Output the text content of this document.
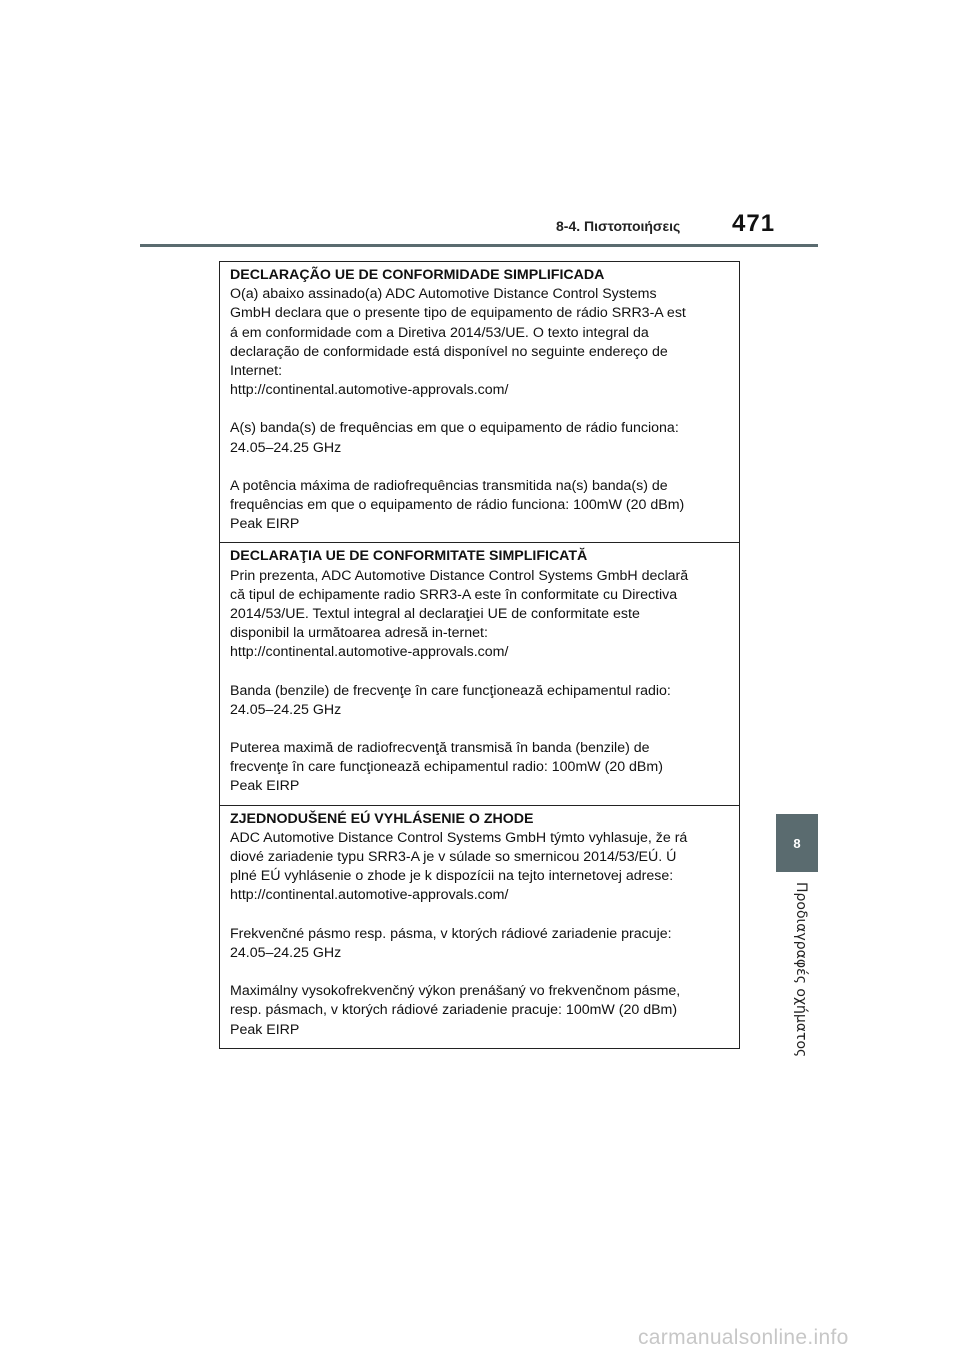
8-4. Πιστοποιήσεις 471
8
Προδιαγραφές οχήματος
DECLARAÇÃO UE DE CONFORMIDADE SIMPLIFICADA
O(a) abaixo assinado(a) ADC Automotive Distance Control Systems
GmbH declara que o presente tipo de equipamento de rádio SRR3-A est
á em conformidade com a Diretiva 2014/53/UE. O texto integral da
declaração de conformidade está disponível no seguinte endereço de
Internet:
http://continental.automotive-approvals.com/
A(s) banda(s) de frequências em que o equipamento de rádio funciona:
24.05–24.25 GHz
A potência máxima de radiofrequências transmitida na(s) banda(s) de
frequências em que o equipamento de rádio funciona: 100mW (20 dBm)
Peak EIRP
DECLARAŢIA UE DE CONFORMITATE SIMPLIFICATĂ
Prin prezenta, ADC Automotive Distance Control Systems GmbH declară
că tipul de echipamente radio SRR3-A este în conformitate cu Directiva
2014/53/UE. Textul integral al declaraţiei UE de conformitate este
disponibil la următoarea adresă in-ternet:
http://continental.automotive-approvals.com/
Banda (benzile) de frecvenţe în care funcţionează echipamentul radio:
24.05–24.25 GHz
Puterea maximă de radiofrecvenţă transmisă în banda (benzile) de
frecvenţe în care funcţionează echipamentul radio: 100mW (20 dBm)
Peak EIRP
ZJEDNODUŠENÉ EÚ VYHLÁSENIE O ZHODE
ADC Automotive Distance Control Systems GmbH týmto vyhlasuje, že rá
diové zariadenie typu SRR3-A je v súlade so smernicou 2014/53/EÚ. Ú
plné EÚ vyhlásenie o zhode je k dispozícii na tejto internetovej adrese:
http://continental.automotive-approvals.com/
Frekvenčné pásmo resp. pásma, v ktorých rádiové zariadenie pracuje:
24.05–24.25 GHz
Maximálny vysokofrekvenčný výkon prenášaný vo frekvenčnom pásme,
resp. pásmach, v ktorých rádiové zariadenie pracuje: 100mW (20 dBm)
Peak EIRP
carmanualsonline.info
